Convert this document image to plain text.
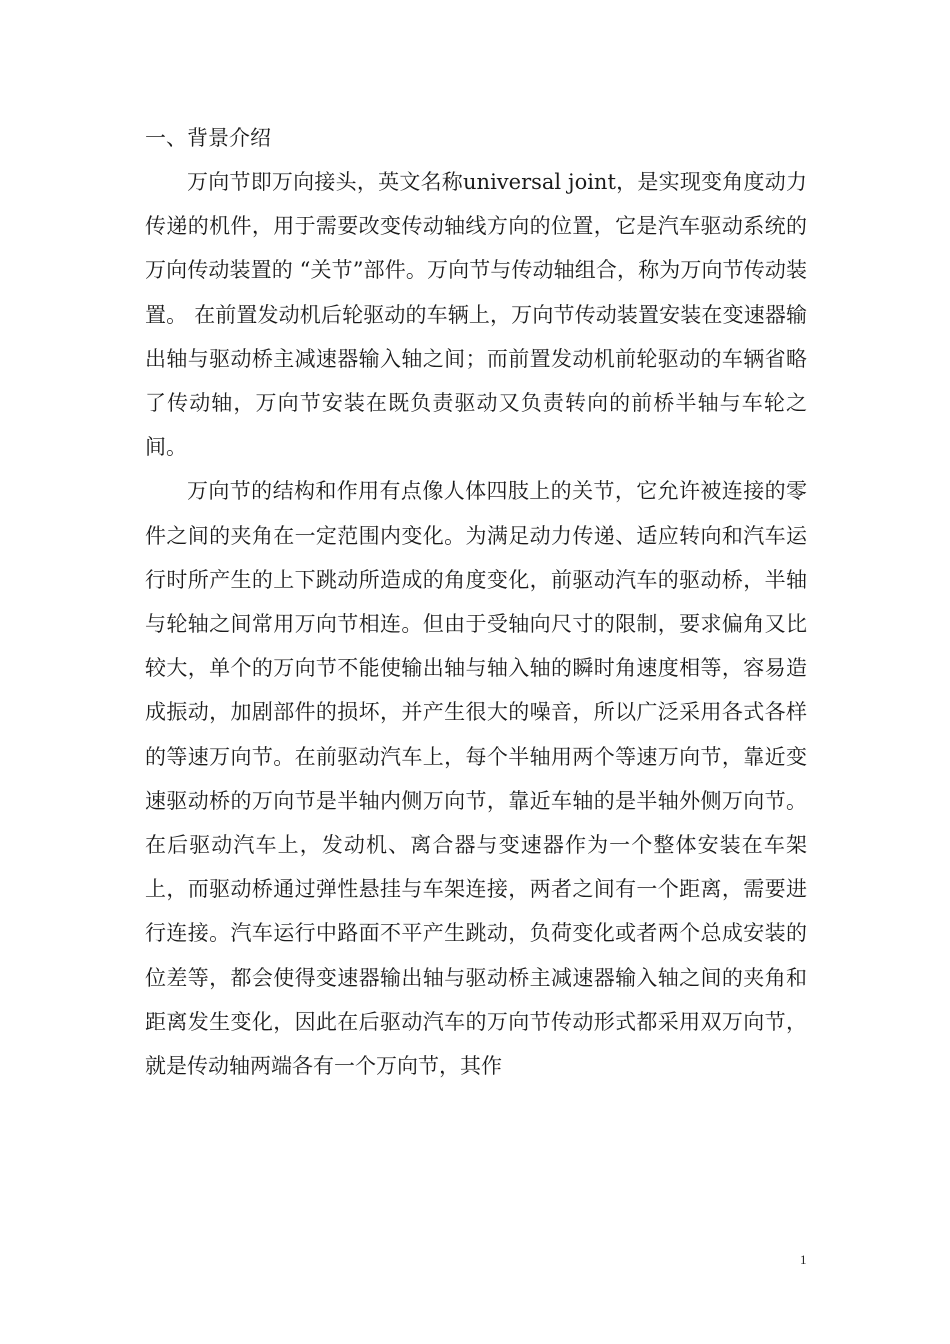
一、背景介绍

万向节即万向接头，英文名称universal joint，是实现变角度动力传递的机件，用于需要改变传动轴线方向的位置，它是汽车驱动系统的万向传动装置的 “关节”部件。万向节与传动轴组合，称为万向节传动装置。 在前置发动机后轮驱动的车辆上，万向节传动装置安装在变速器输出轴与驱动桥主减速器输入轴之间；而前置发动机前轮驱动的车辆省略了传动轴，万向节安装在既负责驱动又负责转向的前桥半轴与车轮之间。

万向节的结构和作用有点像人体四肢上的关节，它允许被连接的零件之间的夹角在一定范围内变化。为满足动力传递、适应转向和汽车运行时所产生的上下跳动所造成的角度变化，前驱动汽车的驱动桥，半轴与轮轴之间常用万向节相连。但由于受轴向尺寸的限制，要求偏角又比较大，单个的万向节不能使输出轴与轴入轴的瞬时角速度相等，容易造成振动，加剧部件的损坏，并产生很大的噪音，所以广泛采用各式各样的等速万向节。在前驱动汽车上，每个半轴用两个等速万向节，靠近变速驱动桥的万向节是半轴内侧万向节，靠近车轴的是半轴外侧万向节。在后驱动汽车上，发动机、离合器与变速器作为一个整体安装在车架上，而驱动桥通过弹性悬挂与车架连接，两者之间有一个距离，需要进行连接。汽车运行中路面不平产生跳动，负荷变化或者两个总成安装的位差等，都会使得变速器输出轴与驱动桥主减速器输入轴之间的夹角和距离发生变化，因此在后驱动汽车的万向节传动形式都采用双万向节，就是传动轴两端各有一个万向节，其作

1
